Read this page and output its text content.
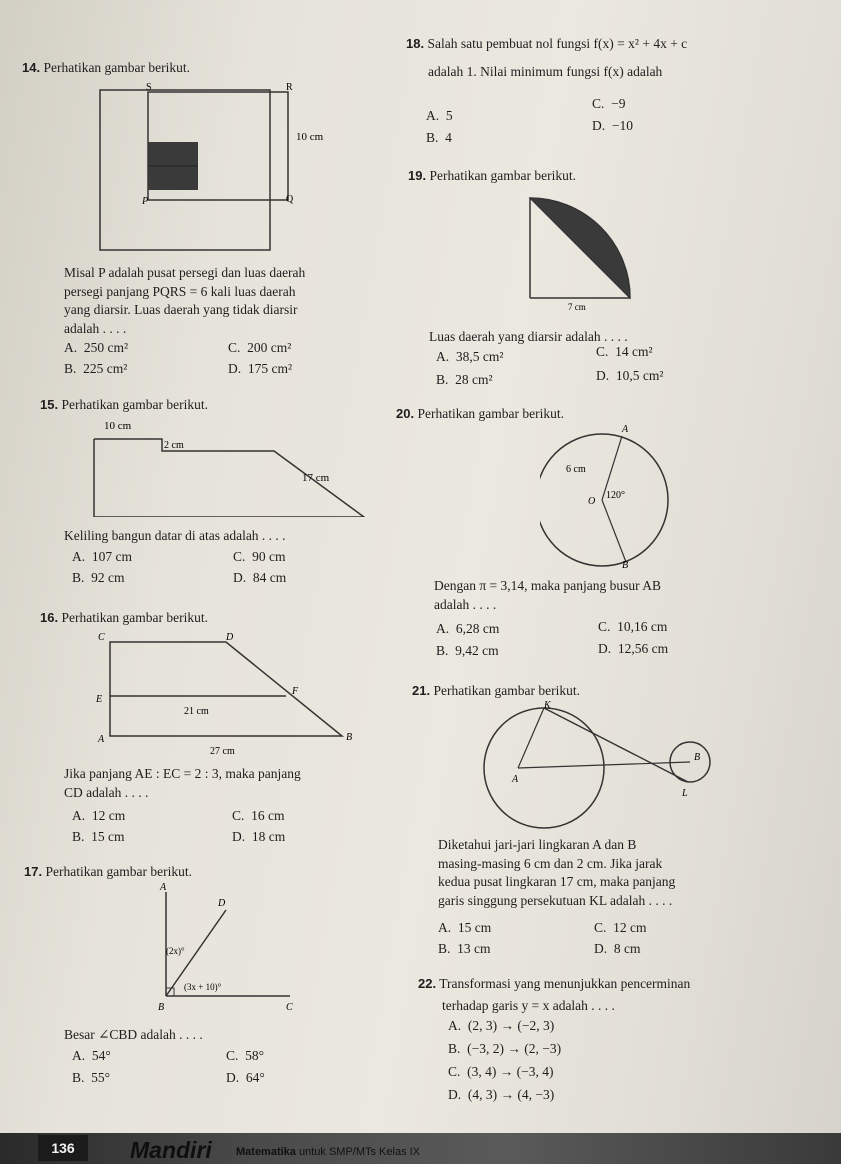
14. Perhatikan gambar berikut.
S	R
10 cm
P	Q
Misal P adalah pusat persegi dan luas daerah
persegi panjang PQRS = 6 kali luas daerah
yang diarsir. Luas daerah yang tidak diarsir
adalah . . . .
A. 250 cm²
B. 225 cm²
C. 200 cm²
D. 175 cm²
15. Perhatikan gambar berikut.
10 cm
2 cm
17 cm
Keliling bangun datar di atas adalah . . . .
A. 107 cm
B. 92 cm
C. 90 cm
D. 84 cm
16. Perhatikan gambar berikut.
C	D
E
F
A	B
21 cm
27 cm
Jika panjang AE : EC = 2 : 3, maka panjang
CD adalah . . . .
A. 12 cm
B. 15 cm
C. 16 cm
D. 18 cm
17. Perhatikan gambar berikut.
A
D
B	C
(2x)°
(3x + 10)°
Besar ∠CBD adalah . . . .
A. 54°
B. 55°
C. 58°
D. 64°
18. Salah satu pembuat nol fungsi f(x) = x² + 4x + c
adalah 1. Nilai minimum fungsi f(x) adalah
A. 5
B. 4
C. −9
D. −10
19. Perhatikan gambar berikut.
7 cm
Luas daerah yang diarsir adalah . . . .
A. 38,5 cm²
B. 28 cm²
C. 14 cm²
D. 10,5 cm²
20. Perhatikan gambar berikut.
A
B
O
6 cm
120°
Dengan π = 3,14, maka panjang busur AB
adalah . . . .
A. 6,28 cm
B. 9,42 cm
C. 10,16 cm
D. 12,56 cm
21. Perhatikan gambar berikut.
K
A
B
L
Diketahui jari-jari lingkaran A dan B
masing-masing 6 cm dan 2 cm. Jika jarak
kedua pusat lingkaran 17 cm, maka panjang
garis singgung persekutuan KL adalah . . . .
A. 15 cm
B. 13 cm
C. 12 cm
D. 8 cm
22. Transformasi yang menunjukkan pencerminan
terhadap garis y = x adalah . . . .
A. (2, 3) → (−2, 3)
B. (−3, 2) → (2, −3)
C. (3, 4) → (−3, 4)
D. (4, 3) → (4, −3)
136	Mandiri Matematika untuk SMP/MTs Kelas IX
